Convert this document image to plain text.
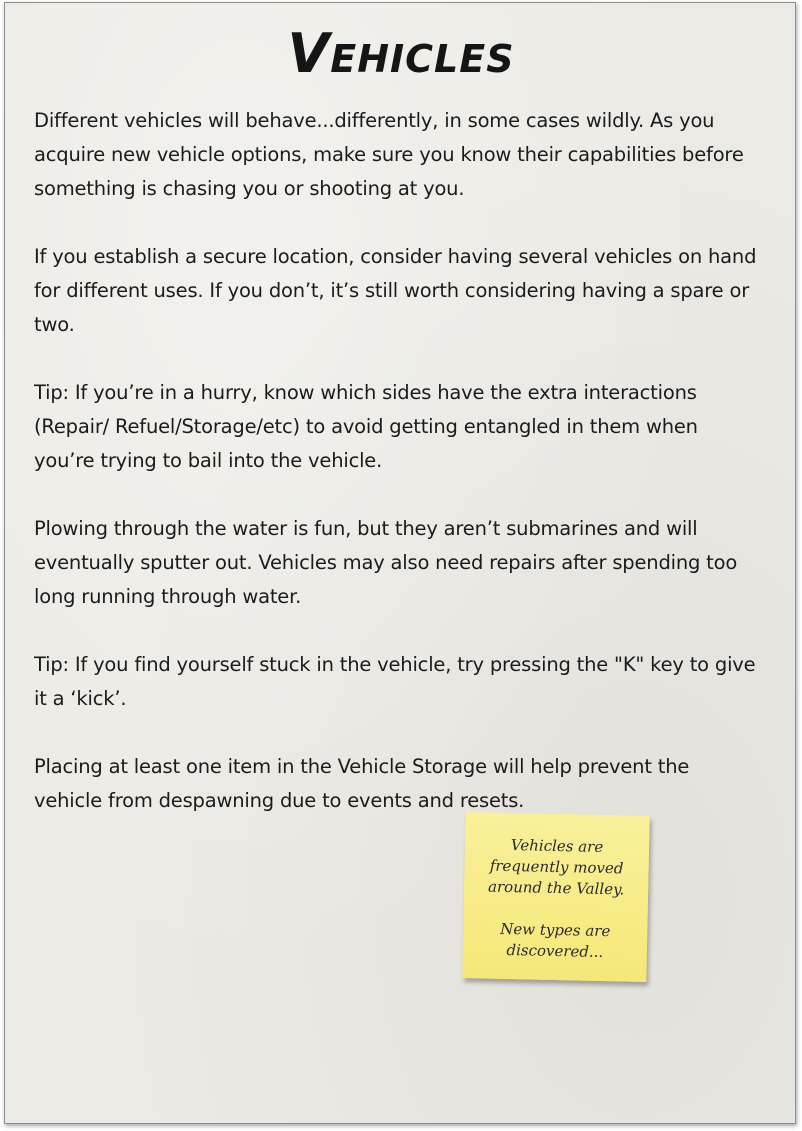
Vehicles

Different vehicles will behave...differently, in some cases wildly. As you acquire new vehicle options, make sure you know their capabilities before something is chasing you or shooting at you.

If you establish a secure location, consider having several vehicles on hand for different uses. If you don’t, it’s still worth considering having a spare or two.

Tip: If you’re in a hurry, know which sides have the extra interactions (Repair/ Refuel/Storage/etc) to avoid getting entangled in them when you’re trying to bail into the vehicle.

Plowing through the water is fun, but they aren’t submarines and will eventually sputter out. Vehicles may also need repairs after spending too long running through water.

Tip: If you find yourself stuck in the vehicle, try pressing the "K" key to give it a ‘kick’.

Placing at least one item in the Vehicle Storage will help prevent the vehicle from despawning due to events and resets.

Vehicles are
frequently moved
around the Valley.
New types are
discovered...
